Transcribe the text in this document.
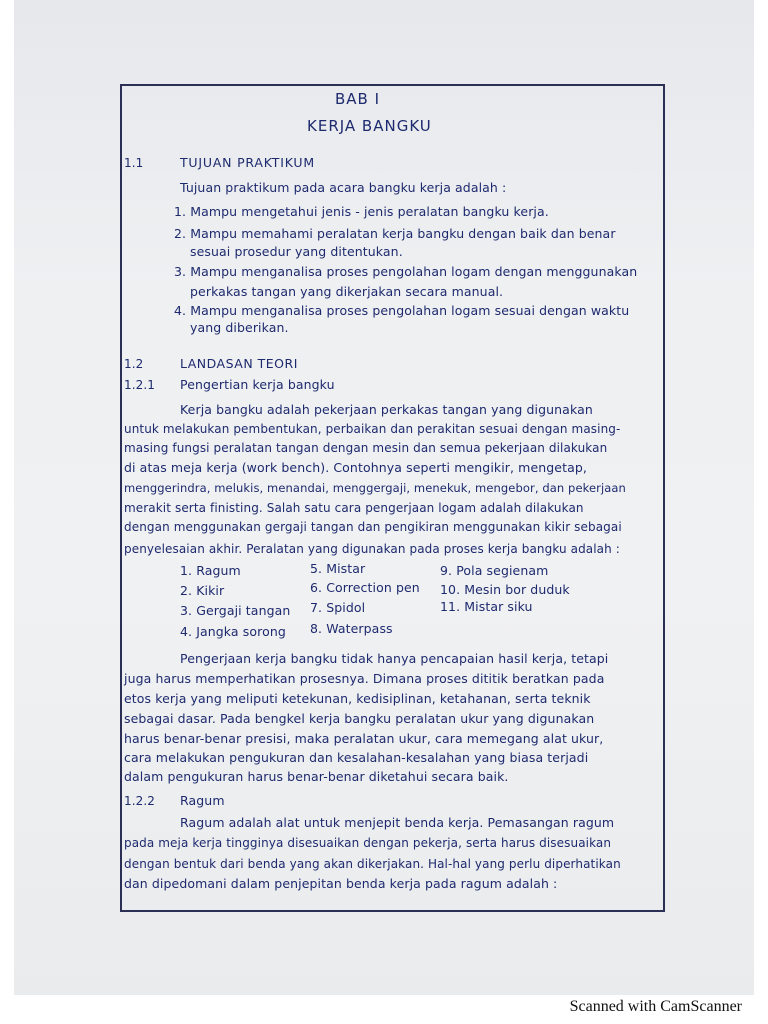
BAB I
KERJA BANGKU
1.1	TUJUAN PRAKTIKUM
Tujuan praktikum pada acara bangku kerja adalah :
1. Mampu mengetahui jenis - jenis peralatan bangku kerja.
2. Mampu memahami peralatan kerja bangku dengan baik dan benar
sesuai prosedur yang ditentukan.
3. Mampu menganalisa proses pengolahan logam dengan menggunakan
perkakas tangan yang dikerjakan secara manual.
4. Mampu menganalisa proses pengolahan logam sesuai dengan waktu
yang diberikan.
1.2	LANDASAN TEORI
1.2.1 Pengertian kerja bangku
Kerja bangku adalah pekerjaan perkakas tangan yang digunakan
untuk melakukan pembentukan, perbaikan dan perakitan sesuai dengan masing-
masing fungsi peralatan tangan dengan mesin dan semua pekerjaan dilakukan
di atas meja kerja (work bench). Contohnya seperti mengikir, mengetap,
menggerindra, melukis, menandai, menggergaji, menekuk, mengebor, dan pekerjaan
merakit serta finisting. Salah satu cara pengerjaan logam adalah dilakukan
dengan menggunakan gergaji tangan dan pengikiran menggunakan kikir sebagai
penyelesaian akhir. Peralatan yang digunakan pada proses kerja bangku adalah :
1. Ragum
2. Kikir
3. Gergaji tangan
4. Jangka sorong
5. Mistar
6. Correction pen
7. Spidol
8. Waterpass
9. Pola segienam
10. Mesin bor duduk
11. Mistar siku
Pengerjaan kerja bangku tidak hanya pencapaian hasil kerja, tetapi
juga harus memperhatikan prosesnya. Dimana proses dititik beratkan pada
etos kerja yang meliputi ketekunan, kedisiplinan, ketahanan, serta teknik
sebagai dasar. Pada bengkel kerja bangku peralatan ukur yang digunakan
harus benar-benar presisi, maka peralatan ukur, cara memegang alat ukur,
cara melakukan pengukuran dan kesalahan-kesalahan yang biasa terjadi
dalam pengukuran harus benar-benar diketahui secara baik.
1.2.2 Ragum
Ragum adalah alat untuk menjepit benda kerja. Pemasangan ragum
pada meja kerja tingginya disesuaikan dengan pekerja, serta harus disesuaikan
dengan bentuk dari benda yang akan dikerjakan. Hal-hal yang perlu diperhatikan
dan dipedomani dalam penjepitan benda kerja pada ragum adalah :
Scanned with CamScanner
